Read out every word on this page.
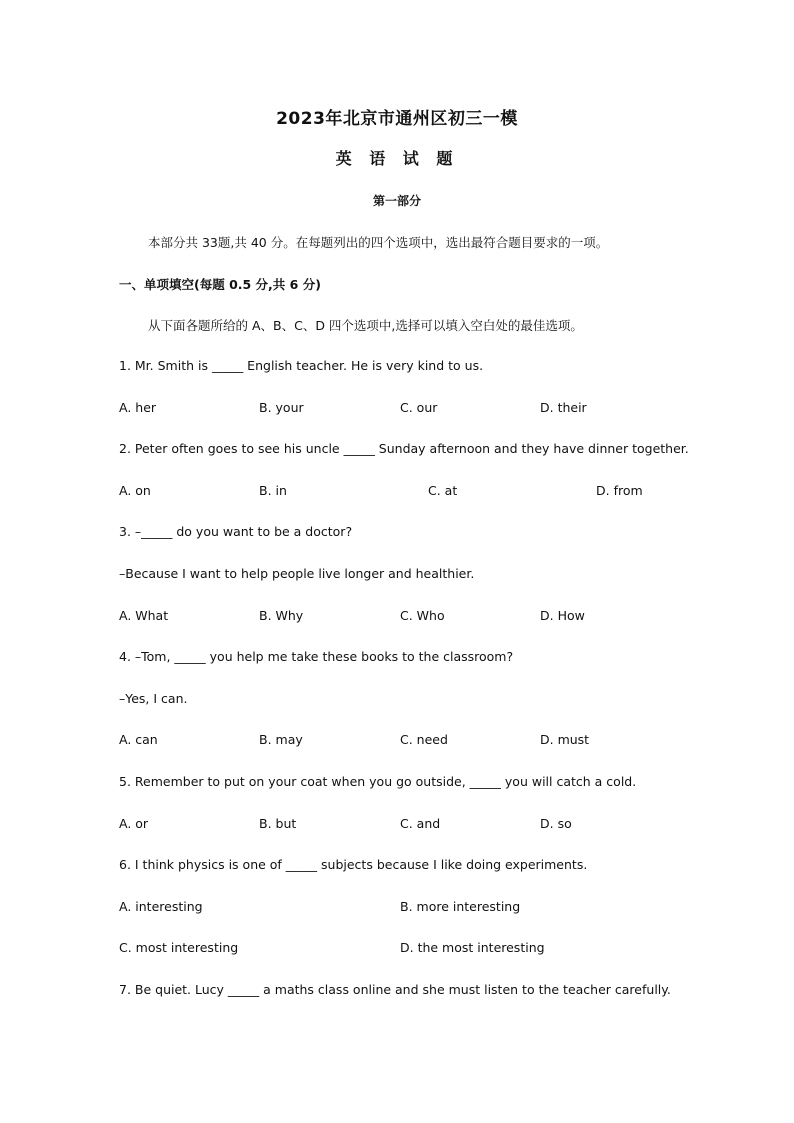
2023年北京市通州区初三一模
英 语 试 题
第一部分
本部分共 33题,共 40 分。在每题列出的四个选项中，选出最符合题目要求的一项。
一、单项填空(每题 0.5 分,共 6 分)
从下面各题所给的 A、B、C、D 四个选项中,选择可以填入空白处的最佳选项。
1. Mr. Smith is _____ English teacher. He is very kind to us.
A. her	B. your	C. our	D. their
2. Peter often goes to see his uncle _____ Sunday afternoon and they have dinner together.
A. on	B. in	C. at	D. from
3. –_____ do you want to be a doctor?
–Because I want to help people live longer and healthier.
A. What	B. Why	C. Who	D. How
4. –Tom, _____ you help me take these books to the classroom?
–Yes, I can.
A. can	B. may	C. need	D. must
5. Remember to put on your coat when you go outside, _____ you will catch a cold.
A. or	B. but	C. and	D. so
6. I think physics is one of _____ subjects because I like doing experiments.
A. interesting	B. more interesting
C. most interesting	D. the most interesting
7. Be quiet. Lucy _____ a maths class online and she must listen to the teacher carefully.
